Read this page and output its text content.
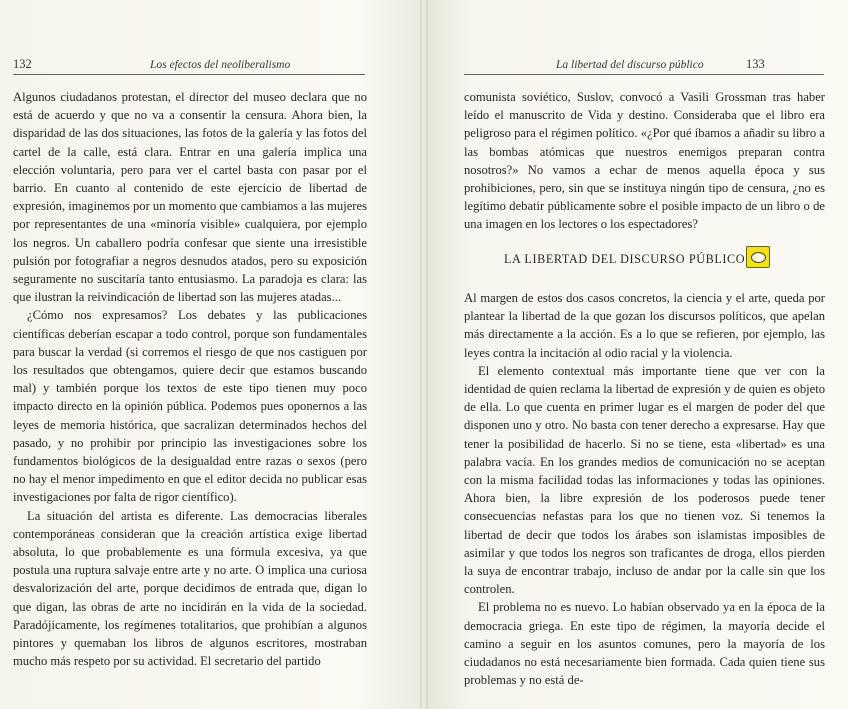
132	Los efectos del neoliberalismo

Algunos ciudadanos protestan, el director del museo declara que no está de acuerdo y que no va a consentir la censura. Ahora bien, la disparidad de las dos situaciones, las fotos de la galería y las fotos del cartel de la calle, está clara. Entrar en una galería implica una elección voluntaria, pero para ver el cartel basta con pasar por el barrio. En cuanto al contenido de este ejercicio de libertad de expresión, imaginemos por un momento que cambiamos a las mujeres por representantes de una «minoría visible» cualquiera, por ejemplo los negros. Un caballero podría confesar que siente una irresistible pulsión por fotografiar a negros desnudos atados, pero su exposición seguramente no suscitaría tanto entusiasmo. La paradoja es clara: las que ilustran la reivindicación de libertad son las mujeres atadas...

¿Cómo nos expresamos? Los debates y las publicaciones científicas deberían escapar a todo control, porque son fundamentales para buscar la verdad (si corremos el riesgo de que nos castiguen por los resultados que obtengamos, quiere decir que estamos buscando mal) y también porque los textos de este tipo tienen muy poco impacto directo en la opinión pública. Podemos pues oponernos a las leyes de memoria histórica, que sacralizan determinados hechos del pasado, y no prohibir por principio las investigaciones sobre los fundamentos biológicos de la desigualdad entre razas o sexos (pero no hay el menor impedimento en que el editor decida no publicar esas investigaciones por falta de rigor científico).

La situación del artista es diferente. Las democracias liberales contemporáneas consideran que la creación artística exige libertad absoluta, lo que probablemente es una fórmula excesiva, ya que postula una ruptura salvaje entre arte y no arte. O implica una curiosa desvalorización del arte, porque decidimos de entrada que, digan lo que digan, las obras de arte no incidirán en la vida de la sociedad. Paradójicamente, los regímenes totalitarios, que prohibían a algunos pintores y quemaban los libros de algunos escritores, mostraban mucho más respeto por su actividad. El secretario del partido

La libertad del discurso público	133

comunista soviético, Suslov, convocó a Vasili Grossman tras haber leído el manuscrito de Vida y destino. Consideraba que el libro era peligroso para el régimen político. «¿Por qué íbamos a añadir su libro a las bombas atómicas que nuestros enemigos preparan contra nosotros?» No vamos a echar de menos aquella época y sus prohibiciones, pero, sin que se instituya ningún tipo de censura, ¿no es legítimo debatir públicamente sobre el posible impacto de un libro o de una imagen en los lectores o los espectadores?

LA LIBERTAD DEL DISCURSO PÚBLICO

Al margen de estos dos casos concretos, la ciencia y el arte, queda por plantear la libertad de la que gozan los discursos políticos, que apelan más directamente a la acción. Es a lo que se refieren, por ejemplo, las leyes contra la incitación al odio racial y la violencia.

El elemento contextual más importante tiene que ver con la identidad de quien reclama la libertad de expresión y de quien es objeto de ella. Lo que cuenta en primer lugar es el margen de poder del que disponen uno y otro. No basta con tener derecho a expresarse. Hay que tener la posibilidad de hacerlo. Si no se tiene, esta «libertad» es una palabra vacía. En los grandes medios de comunicación no se aceptan con la misma facilidad todas las informaciones y todas las opiniones. Ahora bien, la libre expresión de los poderosos puede tener consecuencias nefastas para los que no tienen voz. Si tenemos la libertad de decir que todos los árabes son islamistas imposibles de asimilar y que todos los negros son traficantes de droga, ellos pierden la suya de encontrar trabajo, incluso de andar por la calle sin que los controlen.

El problema no es nuevo. Lo habían observado ya en la época de la democracia griega. En este tipo de régimen, la mayoría decide el camino a seguir en los asuntos comunes, pero la mayoría de los ciudadanos no está necesariamente bien formada. Cada quien tiene sus problemas y no está de-
